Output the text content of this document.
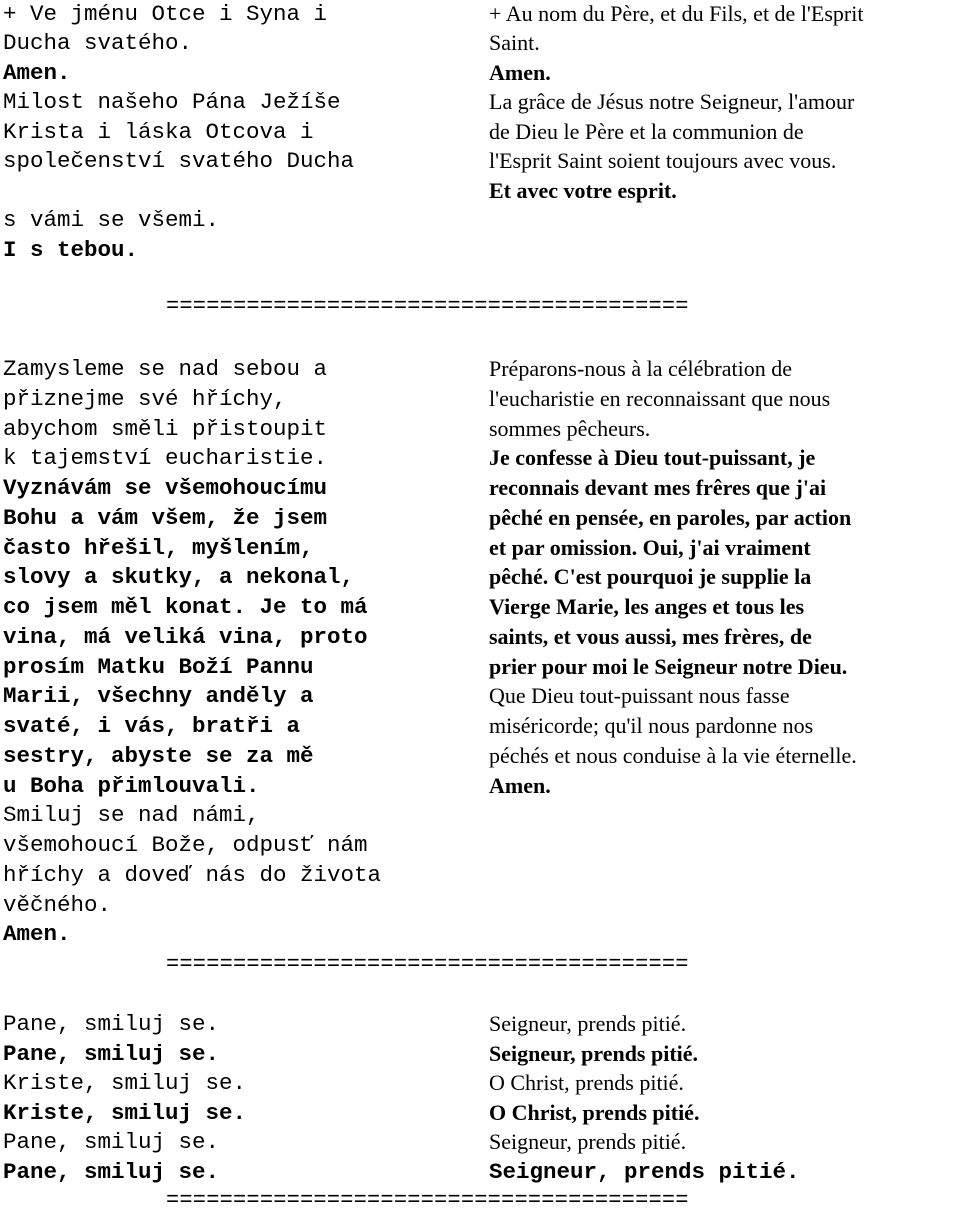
+ Ve jménu Otce i Syna i
Ducha svatého.
Amen.
Milost našeho Pána Ježíše
Krista i láska Otcova i
společenství svatého Ducha
s vámi se všemi.
I s tebou.
+ Au nom du Père, et du Fils, et de l'Esprit
Saint.
Amen.
La grâce de Jésus notre Seigneur, l'amour
de Dieu le Père et la communion de
l'Esprit Saint soient toujours avec vous.
Et avec votre esprit.
=======================================
Zamysleme se nad sebou a
přiznejme své hříchy,
abychom směli přistoupit
k tajemství eucharistie.
Vyznávám se všemohoucímu
Bohu a vám všem, že jsem
často hřešil, myšlením,
slovy a skutky, a nekonal,
co jsem měl konat. Je to má
vina, má veliká vina, proto
prosím Matku Boží Pannu
Marii, všechny anděly a
svaté, i vás, bratři a
sestry, abyste se za mě
u Boha přimlouvali.
Smiluj se nad námi,
všemohoucí Bože, odpusť nám
hříchy a doveď nás do života
věčného.
Amen.
Préparons-nous à la célébration de
l'eucharistie en reconnaissant que nous
sommes pêcheurs.
Je confesse à Dieu tout-puissant, je
reconnais devant mes frêres que j'ai
pêché en pensée, en paroles, par action
et par omission. Oui, j'ai vraiment
pêché. C'est pourquoi je supplie la
Vierge Marie, les anges et tous les
saints, et vous aussi, mes frères, de
prier pour moi le Seigneur notre Dieu.
Que Dieu tout-puissant nous fasse
miséricorde; qu'il nous pardonne nos
péchés et nous conduise à la vie éternelle.
Amen.
=======================================
Pane, smiluj se.
Pane, smiluj se.
Kriste, smiluj se.
Kriste, smiluj se.
Pane, smiluj se.
Pane, smiluj se.
Seigneur, prends pitié.
Seigneur, prends pitié.
O Christ, prends pitié.
O Christ, prends pitié.
Seigneur, prends pitié.
Seigneur, prends pitié.
=======================================
